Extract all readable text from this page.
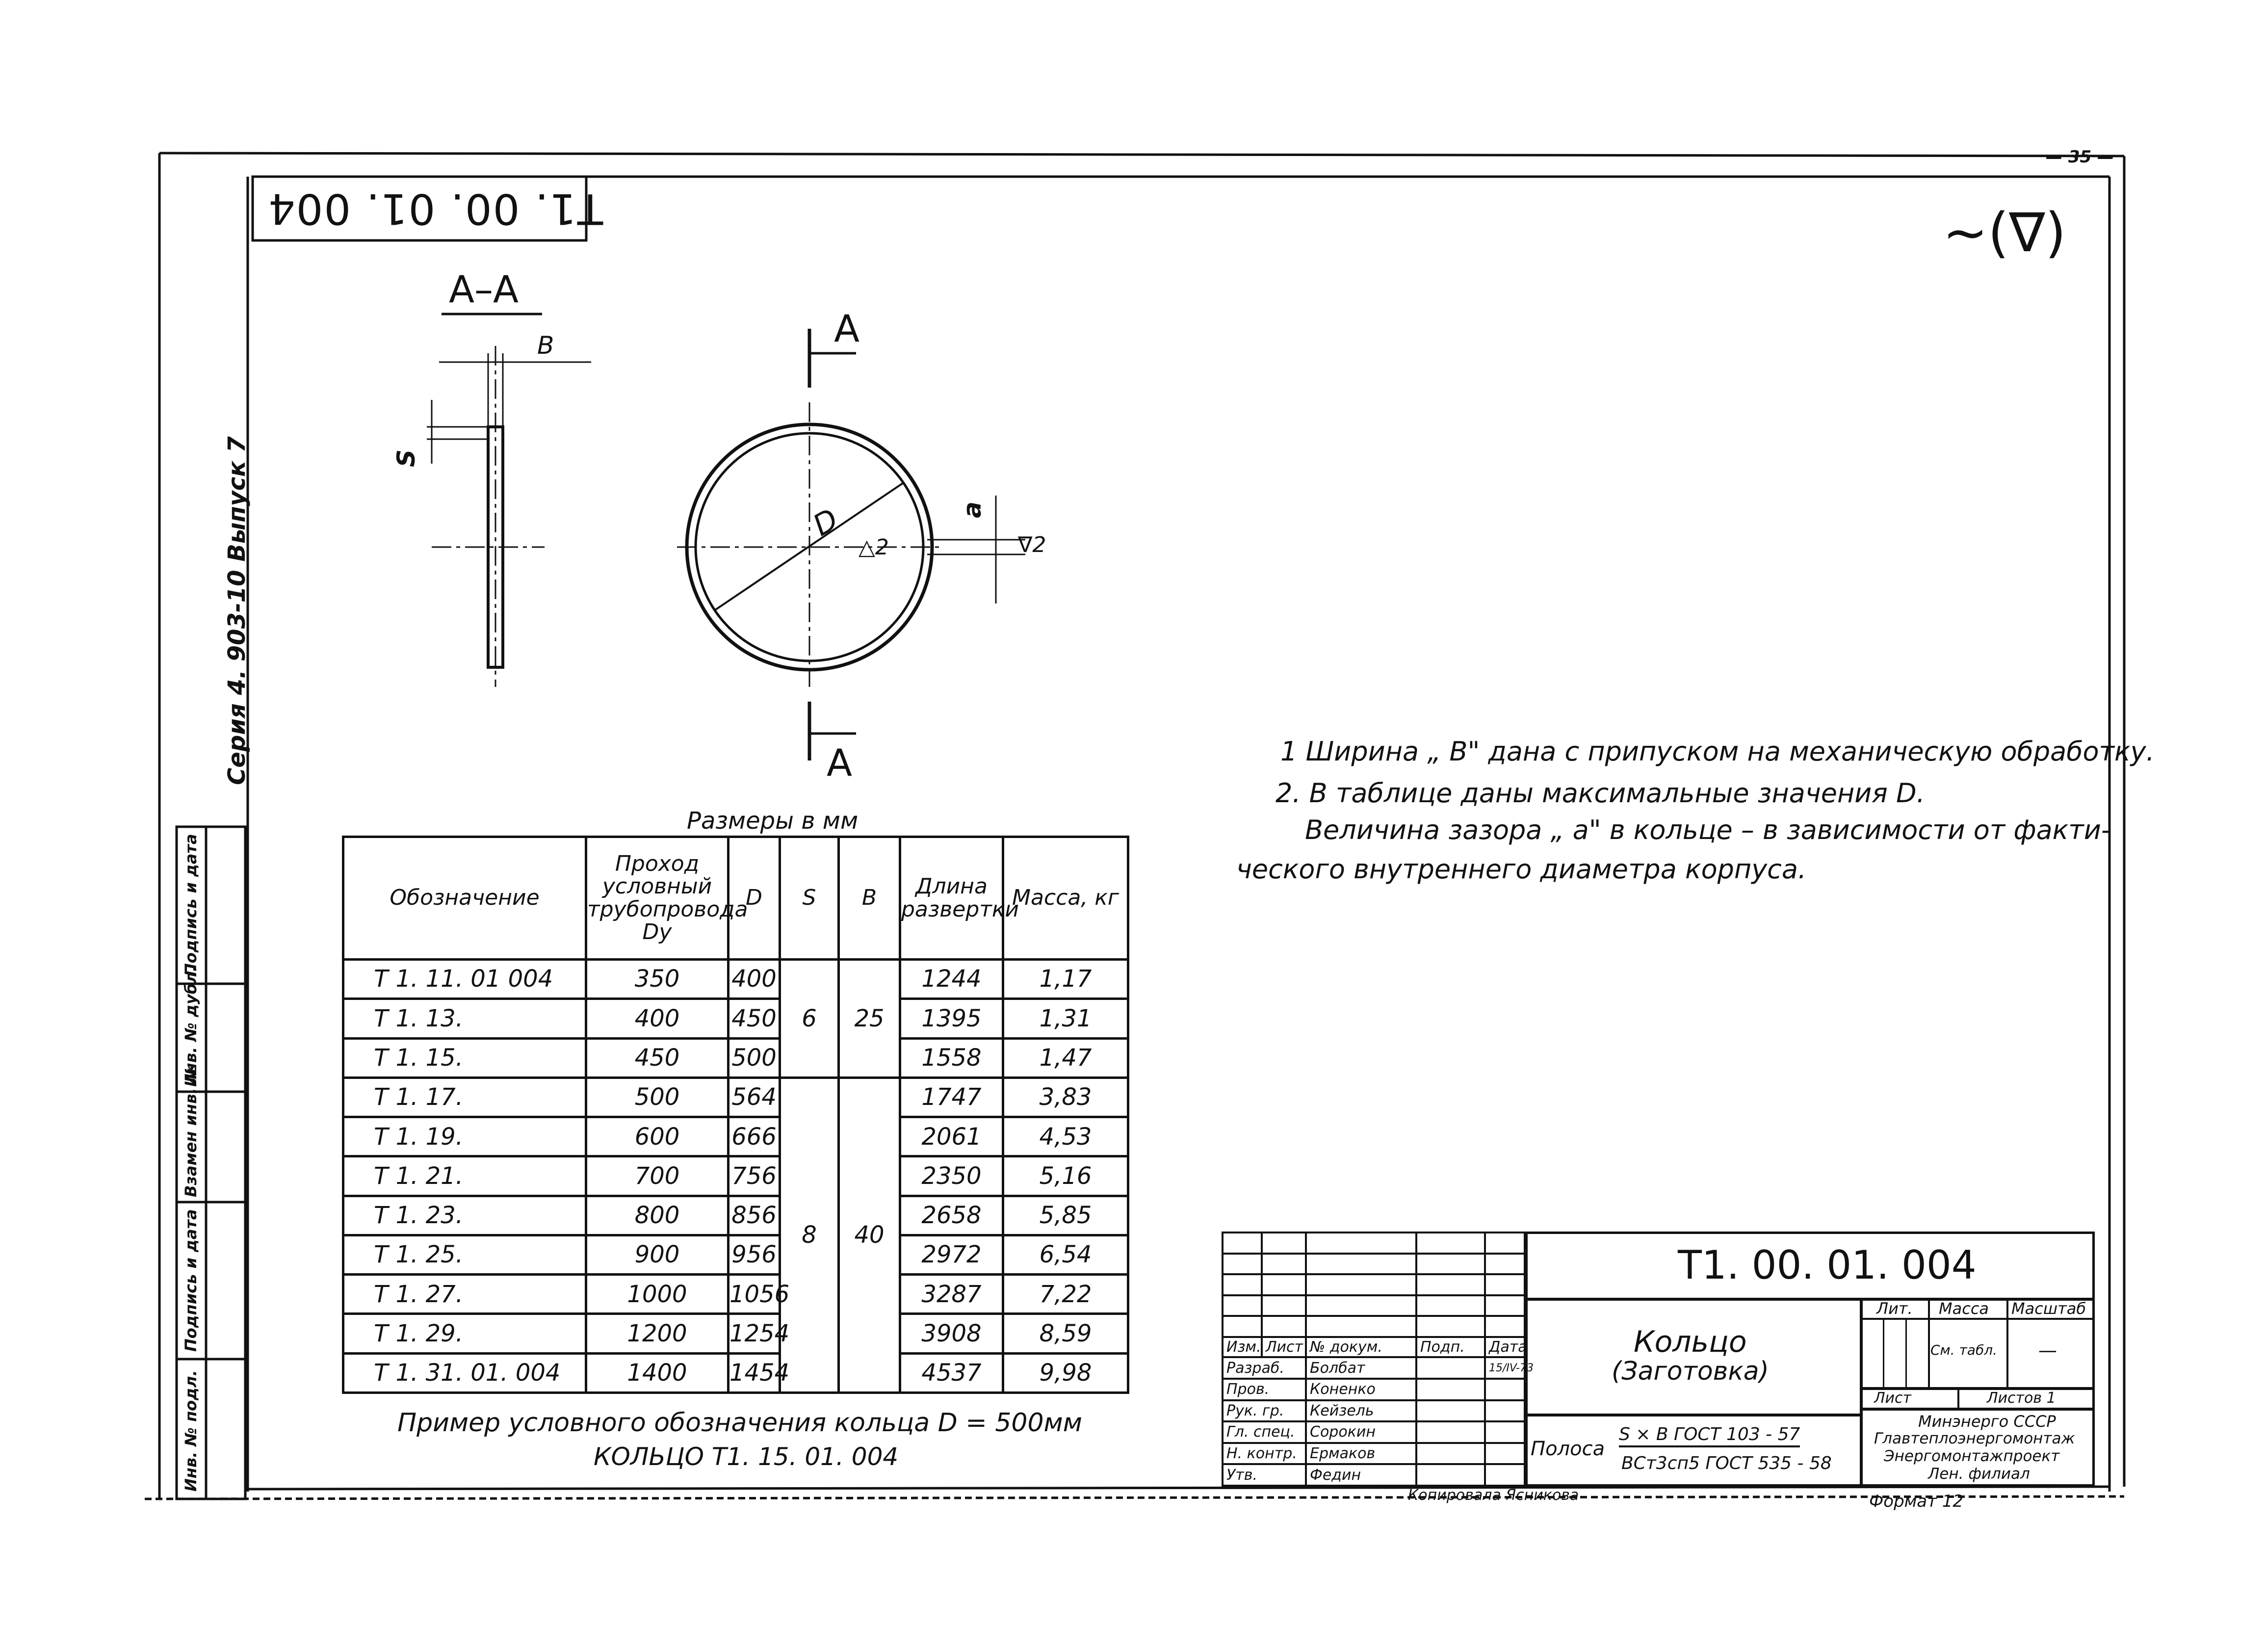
— 35 —
Т1. 00. 01. 004	∼(∇)
А–А
В
S
А
А
D	а
△2	∇2
Серия 4. 903-10 Выпуск 7
Подпись и дата
Инв. № дубл.
Взамен инв. №
Подпись и дата
Инв. № подл.
1 Ширина „ В" дана с припуском на механическую обработку.
2. В таблице даны максимальные значения D.
Величина зазора „ а" в кольце – в зависимости от факти-
ческого внутреннего диаметра корпуса.
Размеры в мм
Обозначение	Проход условный трубопровода Dy	D	S	В	Длина развертки	Масса, кг
Т 1. 11. 01 004	350	400	6	25	1244	1,17
Т 1. 13.	400	450			1395	1,31
Т 1. 15.	450	500			1558	1,47
Т 1. 17.	500	564	8	40	1747	3,83
Т 1. 19.	600	666			2061	4,53
Т 1. 21.	700	756			2350	5,16
Т 1. 23.	800	856			2658	5,85
Т 1. 25.	900	956			2972	6,54
Т 1. 27.	1000	1056			3287	7,22
Т 1. 29.	1200	1254			3908	8,59
Т 1. 31. 01. 004	1400	1454			4537	9,98
Пример условного обозначения кольца D = 500мм
КОЛЬЦО Т1. 15. 01. 004

Изм.	Лист	№ докум.	Подп.	Дата
Разраб.		Болбат		15/IV-73
Пров.		Коненко		
Рук. гр.		Кейзель		
Гл. спец.		Сорокин		
Н. контр.		Ермаков		
Утв.		Федин		
Т1. 00. 01. 004
Кольцо
(Заготовка)
Полоса
S × В ГОСТ 103 - 57
ВСт3сп5 ГОСТ 535 - 58
Лит. Масса Масштаб
См. табл. —
Лист	Листов 1
Минэнерго СССР
Главтеплоэнергомонтаж
Энергомонтажпроект
Лен. филиал
Копировала Ясникова	Формат 12
